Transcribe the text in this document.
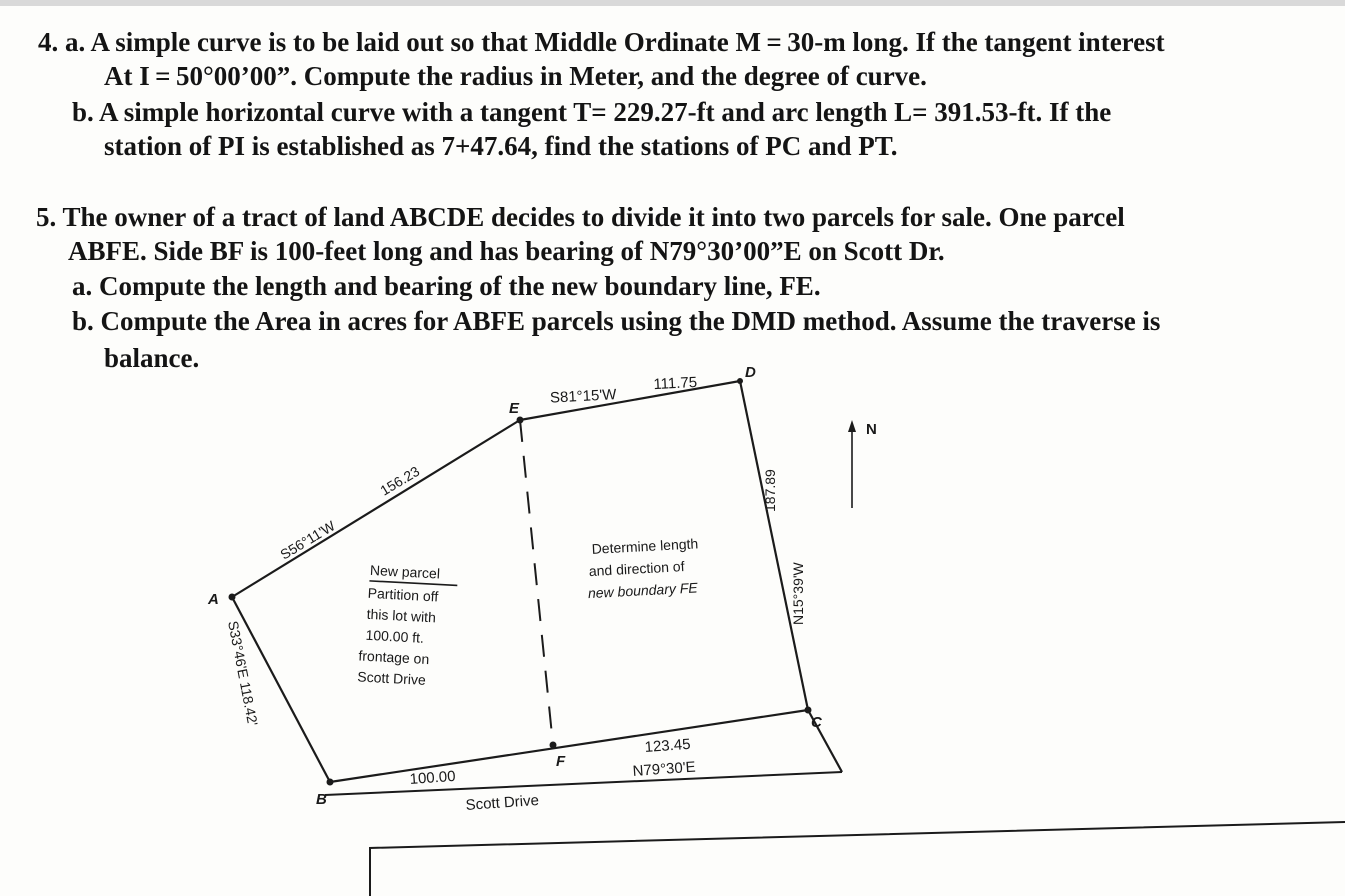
4. a. A simple curve is to be laid out so that Middle Ordinate M = 30-m long. If the tangent interest
At I = 50°00’00”. Compute the radius in Meter, and the degree of curve.
b. A simple horizontal curve with a tangent T= 229.27-ft and arc length L= 391.53-ft. If the
station of PI is established as 7+47.64, find the stations of PC and PT.
5. The owner of a tract of land ABCDE decides to divide it into two parcels for sale. One parcel
ABFE. Side BF is 100-feet long and has bearing of N79°30’00”E on Scott Dr.
a. Compute the length and bearing of the new boundary line, FE.
b. Compute the Area in acres for ABFE parcels using the DMD method. Assume the traverse is
balance.
N
A
B
C
D
E
F
S81°15'W
111.75
S56°11'W
156.23
S33°46'E 118.42'
187.89
N15°39'W
123.45
N79°30'E
100.00
Scott Drive
New parcel
Partition off
this lot with
100.00 ft.
frontage on
Scott Drive
Determine length
and direction of
new boundary FE
